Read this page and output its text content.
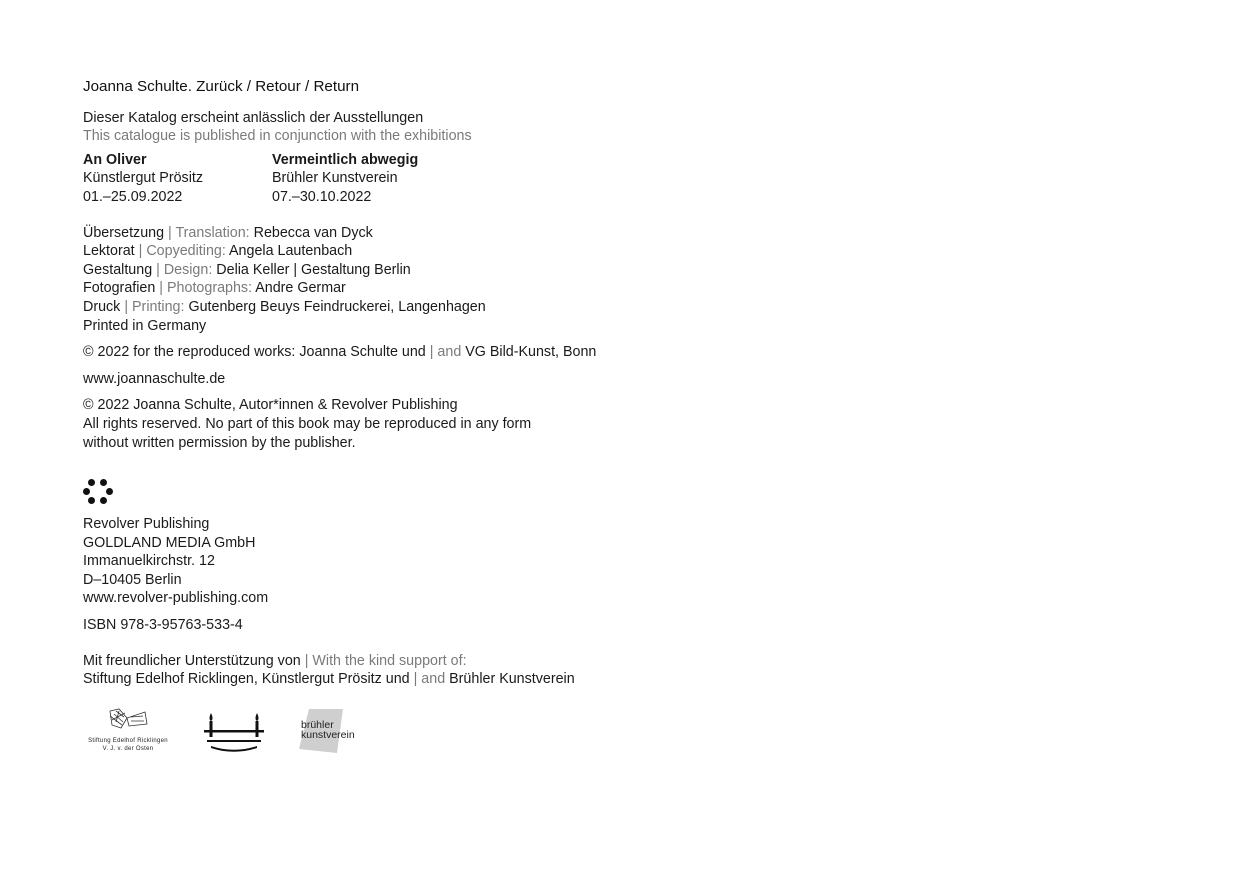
Joanna Schulte. Zurück / Retour / Return
Dieser Katalog erscheint anlässlich der Ausstellungen
This catalogue is published in conjunction with the exhibitions
An Oliver
Künstlergut Prösitz
01.–25.09.2022
Vermeintlich abwegig
Brühler Kunstverein
07.–30.10.2022
Übersetzung | Translation: Rebecca van Dyck
Lektorat | Copyediting: Angela Lautenbach
Gestaltung | Design: Delia Keller | Gestaltung Berlin
Fotografien | Photographs: Andre Germar
Druck | Printing: Gutenberg Beuys Feindruckerei, Langenhagen
Printed in Germany
© 2022 for the reproduced works: Joanna Schulte und | and VG Bild-Kunst, Bonn
www.joannaschulte.de
© 2022 Joanna Schulte, Autor*innen & Revolver Publishing
All rights reserved. No part of this book may be reproduced in any form
without written permission by the publisher.
Revolver Publishing
GOLDLAND MEDIA GmbH
Immanuelkirchstr. 12
D–10405 Berlin
www.revolver-publishing.com
ISBN 978-3-95763-533-4
Mit freundlicher Unterstützung von | With the kind support of:
Stiftung Edelhof Ricklingen, Künstlergut Prösitz und | and Brühler Kunstverein
Stiftung Edelhof Ricklingen
V. J. v. der Osten
brühler
kunstverein
